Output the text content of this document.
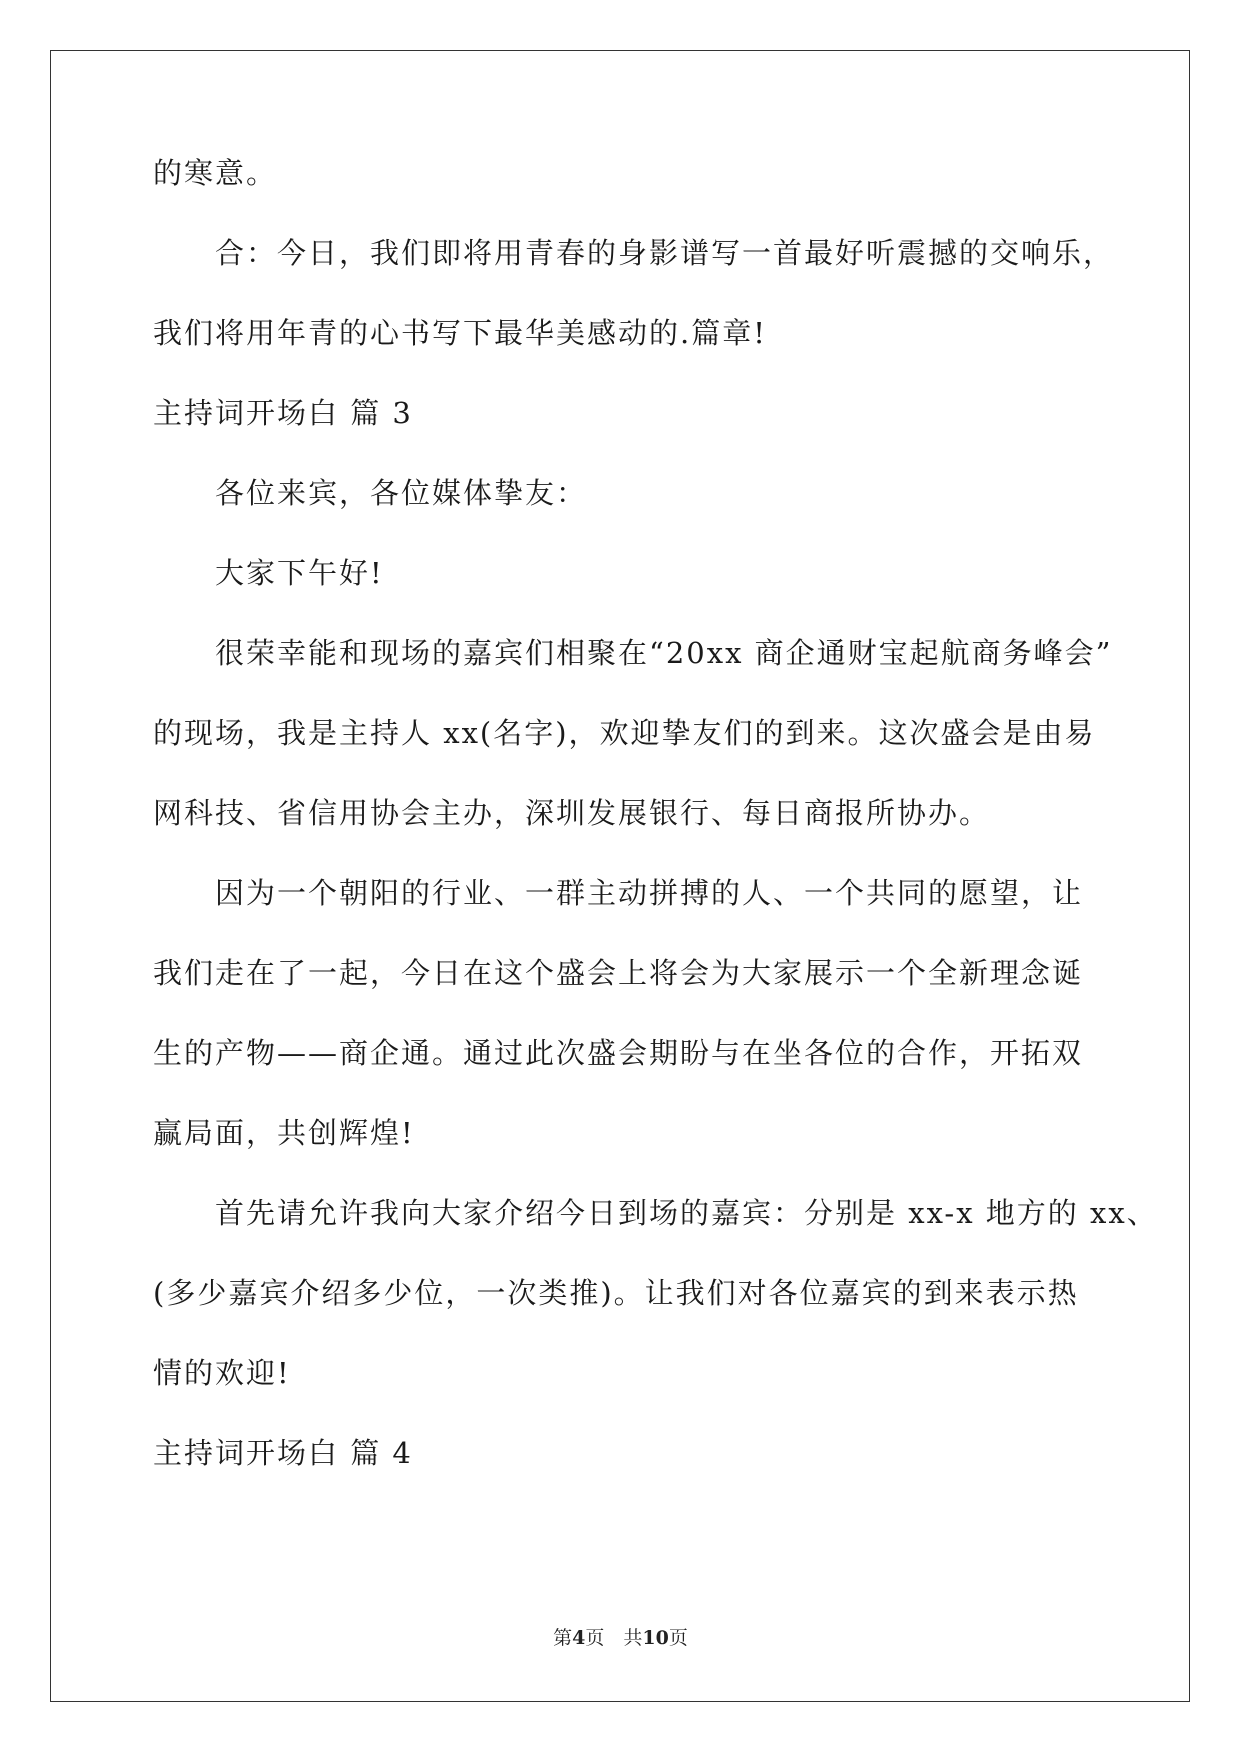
的寒意。
合：今日，我们即将用青春的身影谱写一首最好听震撼的交响乐，
我们将用年青的心书写下最华美感动的.篇章!
主持词开场白 篇 3
各位来宾，各位媒体挚友：
大家下午好!
很荣幸能和现场的嘉宾们相聚在“20xx 商企通财宝起航商务峰会”
的现场，我是主持人 xx(名字)，欢迎挚友们的到来。这次盛会是由易
网科技、省信用协会主办，深圳发展银行、每日商报所协办。
因为一个朝阳的行业、一群主动拼搏的人、一个共同的愿望，让
我们走在了一起，今日在这个盛会上将会为大家展示一个全新理念诞
生的产物——商企通。通过此次盛会期盼与在坐各位的合作，开拓双
赢局面，共创辉煌!
首先请允许我向大家介绍今日到场的嘉宾：分别是 xx-x 地方的 xx、
(多少嘉宾介绍多少位，一次类推)。让我们对各位嘉宾的到来表示热
情的欢迎!
主持词开场白 篇 4
第4页　共10页
